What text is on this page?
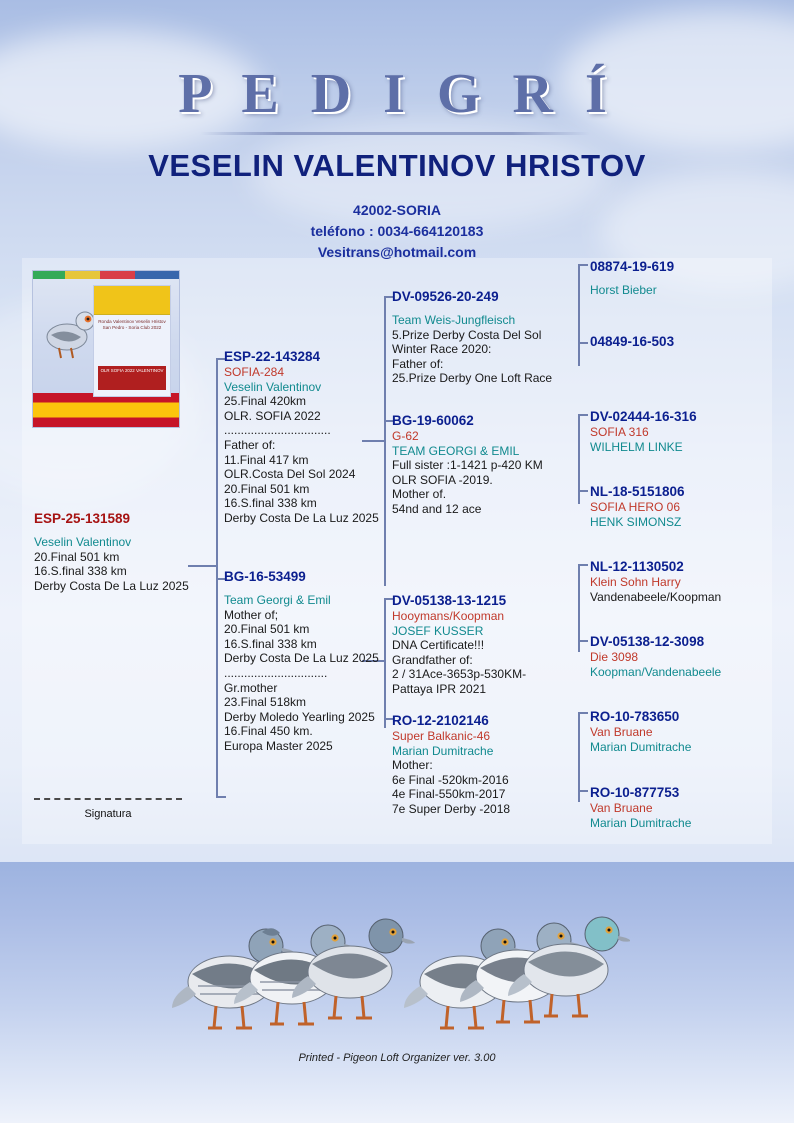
P E D I G R Í
VESELIN VALENTINOV HRISTOV
42002-SORIA
teléfono : 0034-664120183
Vesitrans@hotmail.com
Ronda Valentinov Veselin Hristov San Pedro - Soria Club 2022
OLR SOFIA 2022 VALENTINOV
Signatura
ESP-25-131589
Veselin Valentinov
20.Final 501 km
16.S.final 338 km
Derby Costa De La Luz 2025
ESP-22-143284
SOFIA-284
Veselin Valentinov
25.Final 420km
OLR. SOFIA 2022
................................
Father of:
11.Final 417 km
OLR.Costa Del Sol 2024
20.Final 501 km
16.S.final 338 km
Derby Costa De La Luz 2025
BG-16-53499
Team Georgi & Emil
Mother of;
20.Final 501 km
16.S.final 338 km
Derby Costa De La Luz 2025
...............................
Gr.mother
23.Final 518km
Derby Moledo Yearling 2025
16.Final 450 km.
Europa Master 2025
DV-09526-20-249
Team Weis-Jungfleisch
5.Prize Derby Costa Del Sol
Winter Race 2020:
Father of:
25.Prize Derby One Loft Race
BG-19-60062
G-62
TEAM GEORGI & EMIL
Full sister :1-1421 p-420 KM
OLR SOFIA -2019.
Mother of.
54nd and 12 ace
DV-05138-13-1215
Hooymans/Koopman
JOSEF KUSSER
DNA Certificate!!!
Grandfather of:
2 / 31Ace-3653p-530KM-
Pattaya IPR 2021
RO-12-2102146
Super Balkanic-46
Marian Dumitrache
Mother:
6e Final -520km-2016
4e Final-550km-2017
7e Super Derby -2018
08874-19-619
Horst Bieber
04849-16-503
DV-02444-16-316
SOFIA 316
WILHELM LINKE
NL-18-5151806
SOFIA HERO 06
HENK SIMONSZ
NL-12-1130502
Klein Sohn Harry
Vandenabeele/Koopman
DV-05138-12-3098
Die 3098
Koopman/Vandenabeele
RO-10-783650
Van Bruane
Marian Dumitrache
RO-10-877753
Van Bruane
Marian Dumitrache
Printed - Pigeon Loft Organizer ver. 3.00
